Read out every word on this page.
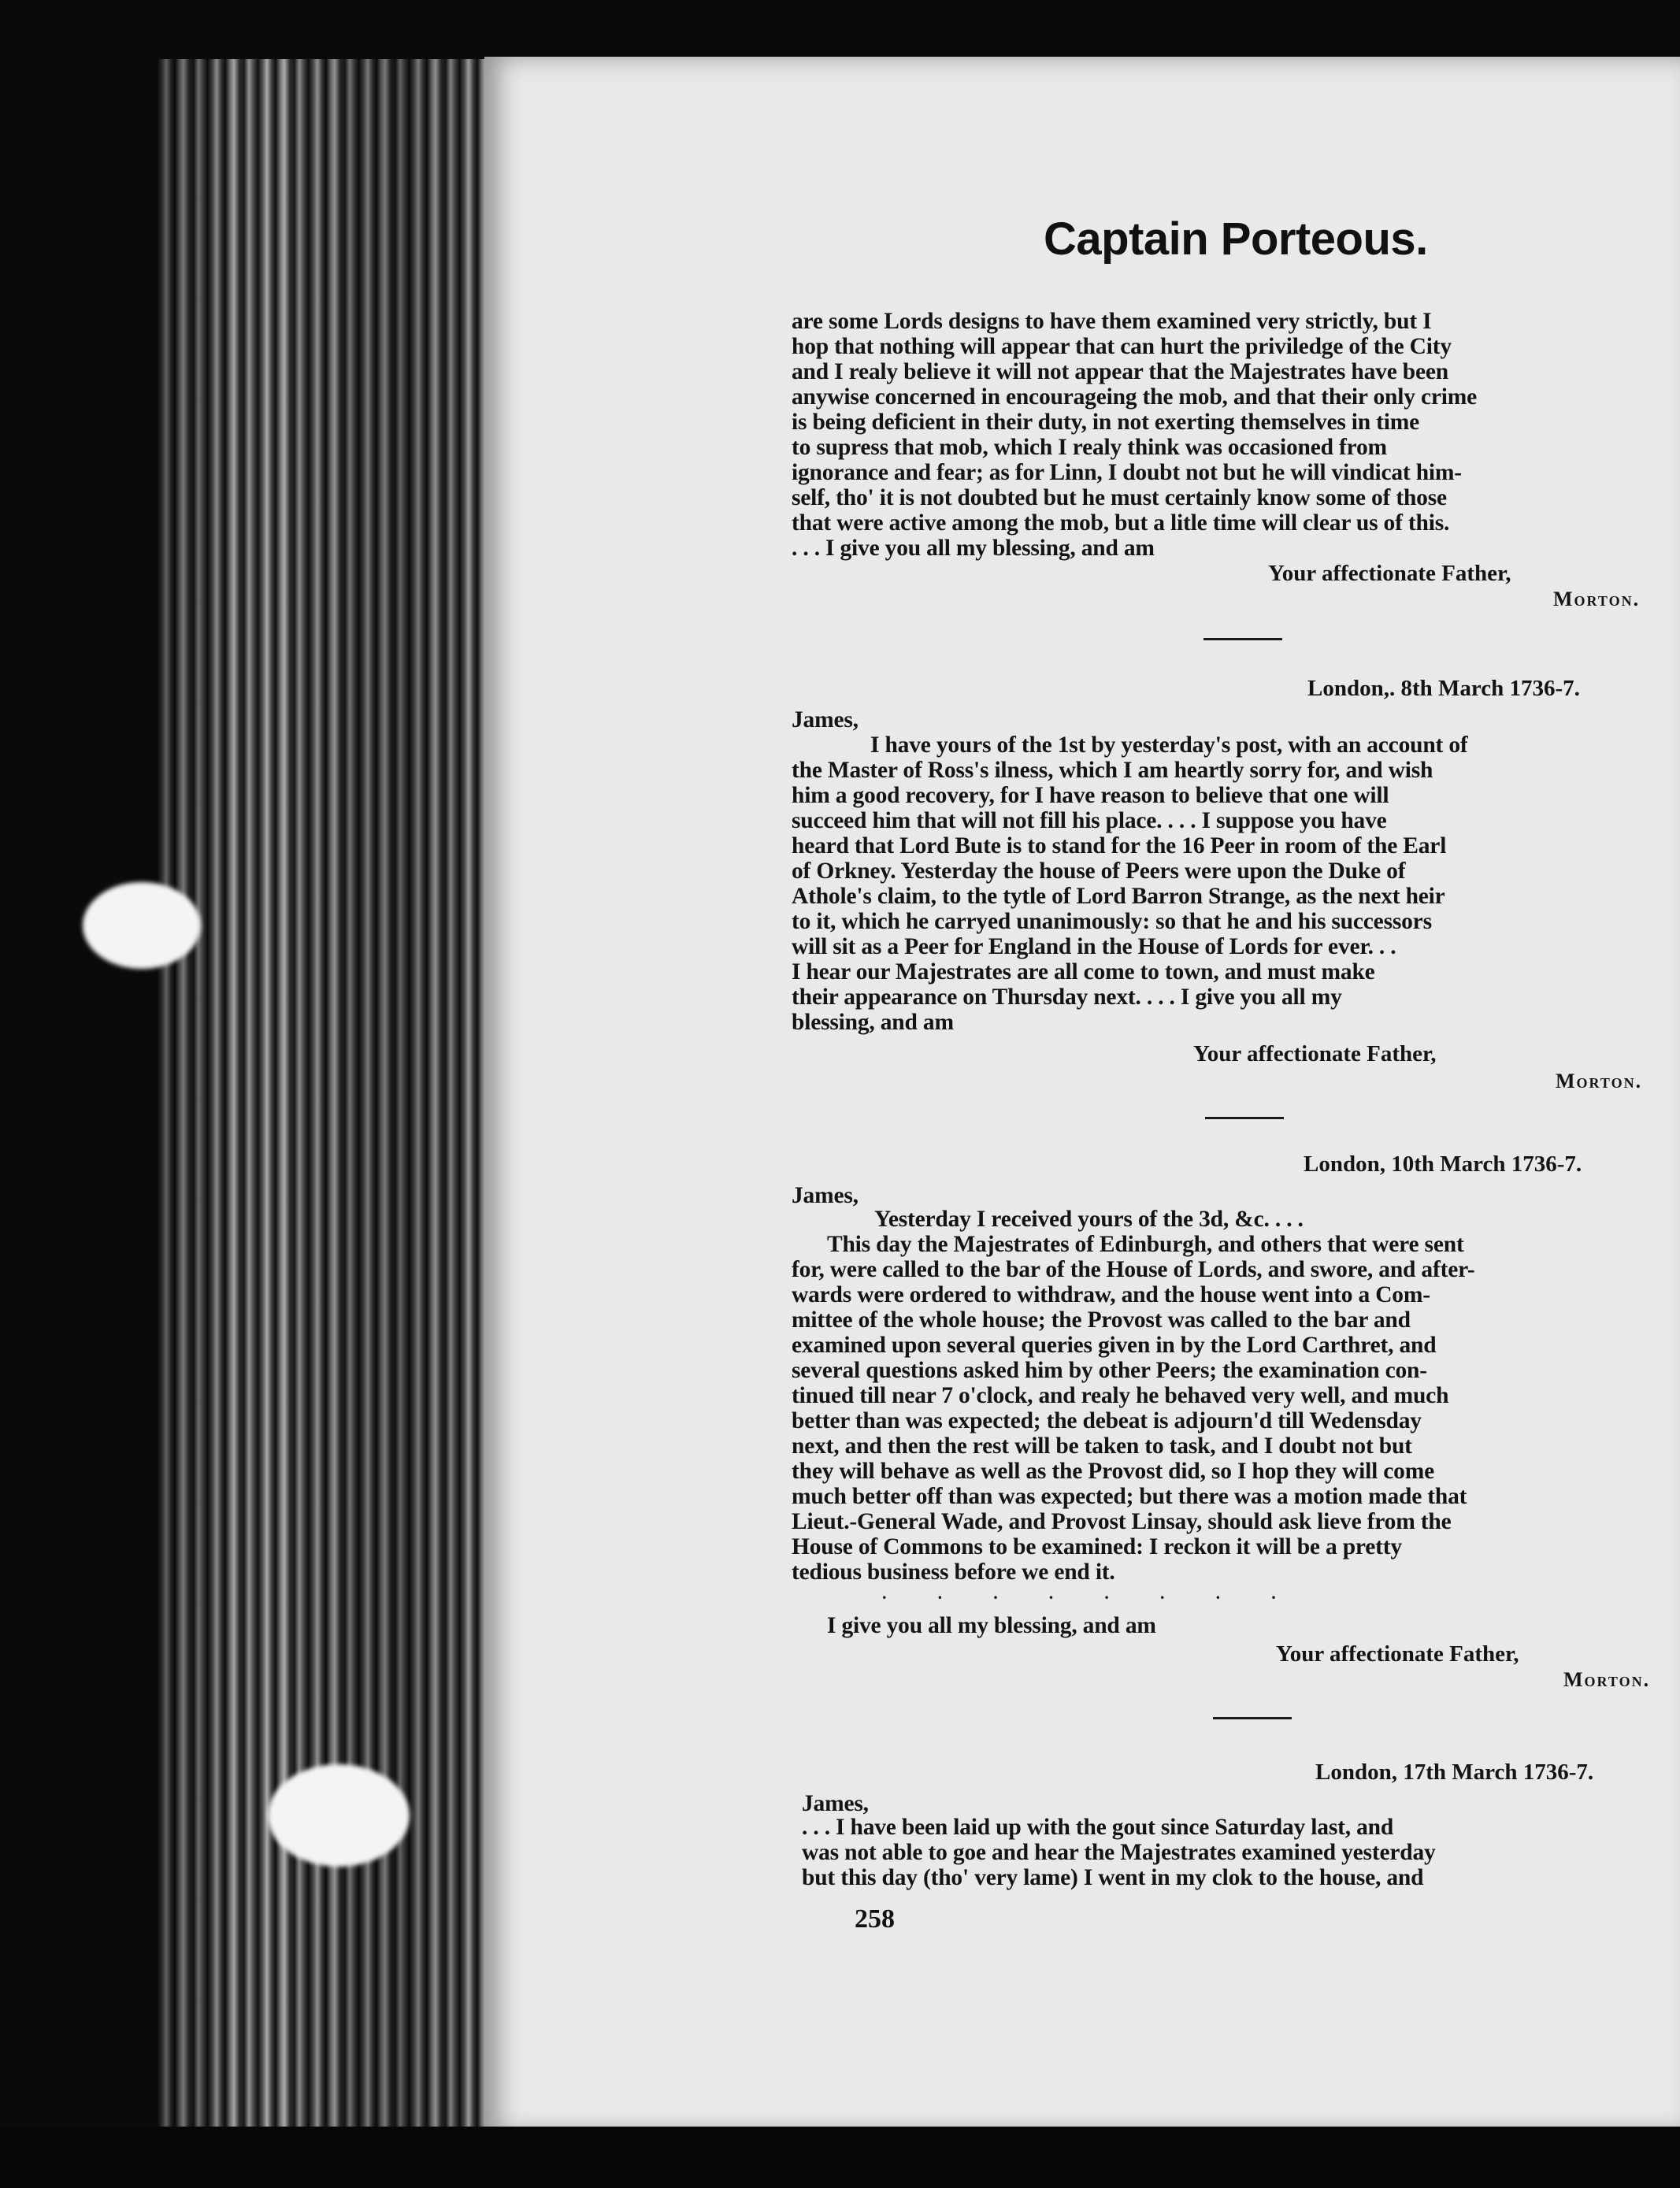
Captain Porteous.
are some Lords designs to have them examined very strictly, but I
hop that nothing will appear that can hurt the priviledge of the City
and I realy believe it will not appear that the Majestrates have been
anywise concerned in encourageing the mob, and that their only crime
is being deficient in their duty, in not exerting themselves in time
to supress that mob, which I realy think was occasioned from
ignorance and fear; as for Linn, I doubt not but he will vindicat him-
self, tho' it is not doubted but he must certainly know some of those
that were active among the mob, but a litle time will clear us of this.
. . . I give you all my blessing, and am
Your affectionate Father,
Morton.
London,. 8th March 1736-7.
James,
I have yours of the 1st by yesterday's post, with an account of
the Master of Ross's ilness, which I am heartly sorry for, and wish
him a good recovery, for I have reason to believe that one will
succeed him that will not fill his place. . . . I suppose you have
heard that Lord Bute is to stand for the 16 Peer in room of the Earl
of Orkney. Yesterday the house of Peers were upon the Duke of
Athole's claim, to the tytle of Lord Barron Strange, as the next heir
to it, which he carryed unanimously: so that he and his successors
will sit as a Peer for England in the House of Lords for ever. . .
I hear our Majestrates are all come to town, and must make
their appearance on Thursday next. . . . I give you all my
blessing, and am
Your affectionate Father,
Morton.
London, 10th March 1736-7.
James,
Yesterday I received yours of the 3d, &c. . . .
This day the Majestrates of Edinburgh, and others that were sent
for, were called to the bar of the House of Lords, and swore, and after-
wards were ordered to withdraw, and the house went into a Com-
mittee of the whole house; the Provost was called to the bar and
examined upon several queries given in by the Lord Carthret, and
several questions asked him by other Peers; the examination con-
tinued till near 7 o'clock, and realy he behaved very well, and much
better than was expected; the debeat is adjourn'd till Wedensday
next, and then the rest will be taken to task, and I doubt not but
they will behave as well as the Provost did, so I hop they will come
much better off than was expected; but there was a motion made that
Lieut.-General Wade, and Provost Linsay, should ask lieve from the
House of Commons to be examined: I reckon it will be a pretty
tedious business before we end it.
. . . . . . . .
I give you all my blessing, and am
Your affectionate Father,
Morton.
London, 17th March 1736-7.
James,
. . . I have been laid up with the gout since Saturday last, and
was not able to goe and hear the Majestrates examined yesterday
but this day (tho' very lame) I went in my clok to the house, and
258
